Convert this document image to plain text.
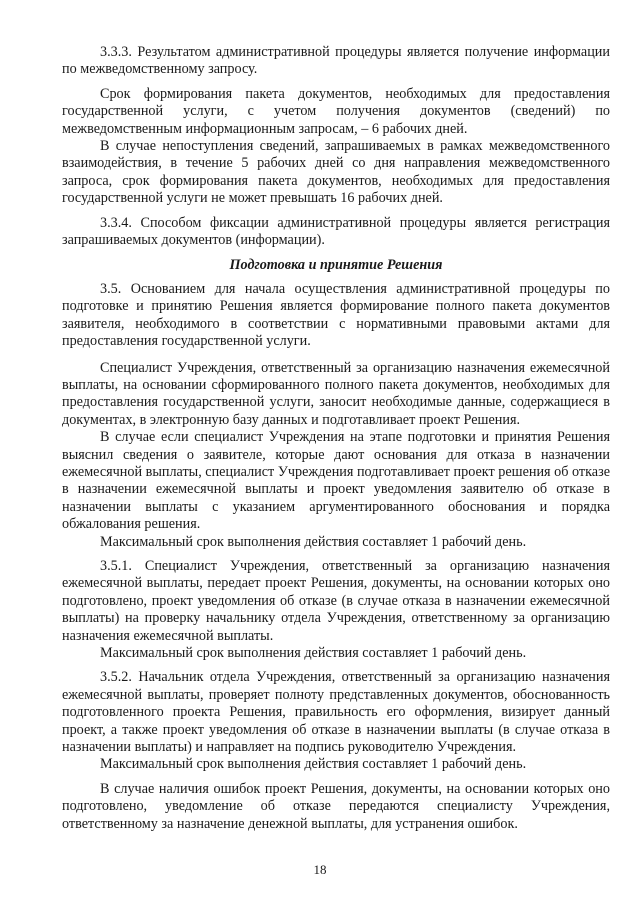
3.3.3. Результатом административной процедуры является получение информации по межведомственному запросу.

Срок формирования пакета документов, необходимых для предоставления государственной услуги, с учетом получения документов (сведений) по межведомственным информационным запросам, – 6 рабочих дней.

В случае непоступления сведений, запрашиваемых в рамках межведомственного взаимодействия, в течение 5 рабочих дней со дня направления межведомственного запроса, срок формирования пакета документов, необходимых для предоставления государственной услуги не может превышать 16 рабочих дней.

3.3.4. Способом фиксации административной процедуры является регистрация запрашиваемых документов (информации).

Подготовка и принятие Решения

3.5. Основанием для начала осуществления административной процедуры по подготовке и принятию Решения является формирование полного пакета документов заявителя, необходимого в соответствии с нормативными правовыми актами для предоставления государственной услуги.

Специалист Учреждения, ответственный за организацию назначения ежемесячной выплаты, на основании сформированного полного пакета документов, необходимых для предоставления государственной услуги, заносит необходимые данные, содержащиеся в документах, в электронную базу данных и подготавливает проект Решения.

В случае если специалист Учреждения на этапе подготовки и принятия Решения выяснил сведения о заявителе, которые дают основания для отказа в назначении ежемесячной выплаты, специалист Учреждения подготавливает проект решения об отказе в назначении ежемесячной выплаты и проект уведомления заявителю об отказе в назначении выплаты с указанием аргументированного обоснования и порядка обжалования решения.

Максимальный срок выполнения действия составляет 1 рабочий день.

3.5.1. Специалист Учреждения, ответственный за организацию назначения ежемесячной выплаты, передает проект Решения, документы, на основании которых оно подготовлено, проект уведомления об отказе (в случае отказа в назначении ежемесячной выплаты) на проверку начальнику отдела Учреждения, ответственному за организацию назначения ежемесячной выплаты.

Максимальный срок выполнения действия составляет 1 рабочий день.

3.5.2. Начальник отдела Учреждения, ответственный за организацию назначения ежемесячной выплаты, проверяет полноту представленных документов, обоснованность подготовленного проекта Решения, правильность его оформления, визирует данный проект, а также проект уведомления об отказе в назначении выплаты (в случае отказа в назначении выплаты) и направляет на подпись руководителю Учреждения.

Максимальный срок выполнения действия составляет 1 рабочий день.

В случае наличия ошибок проект Решения, документы, на основании которых оно подготовлено, уведомление об отказе передаются специалисту Учреждения, ответственному за назначение денежной выплаты, для устранения ошибок.

18
